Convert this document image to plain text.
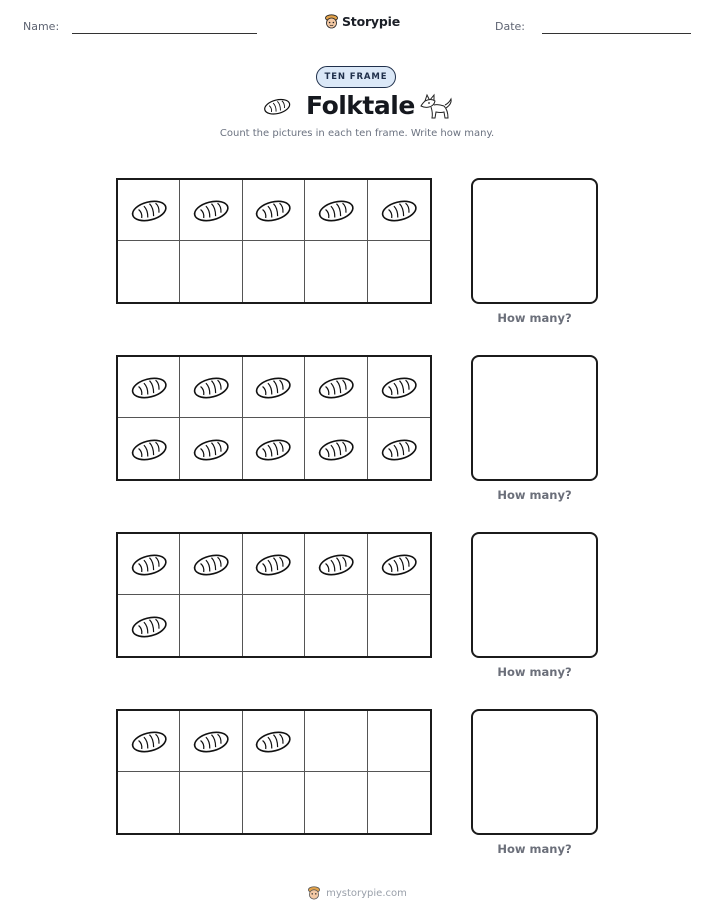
Name:	Storypie	Date:
TEN FRAME
Folktale
Count the pictures in each ten frame. Write how many.
How many?
How many?
How many?
How many?
mystorypie.com
